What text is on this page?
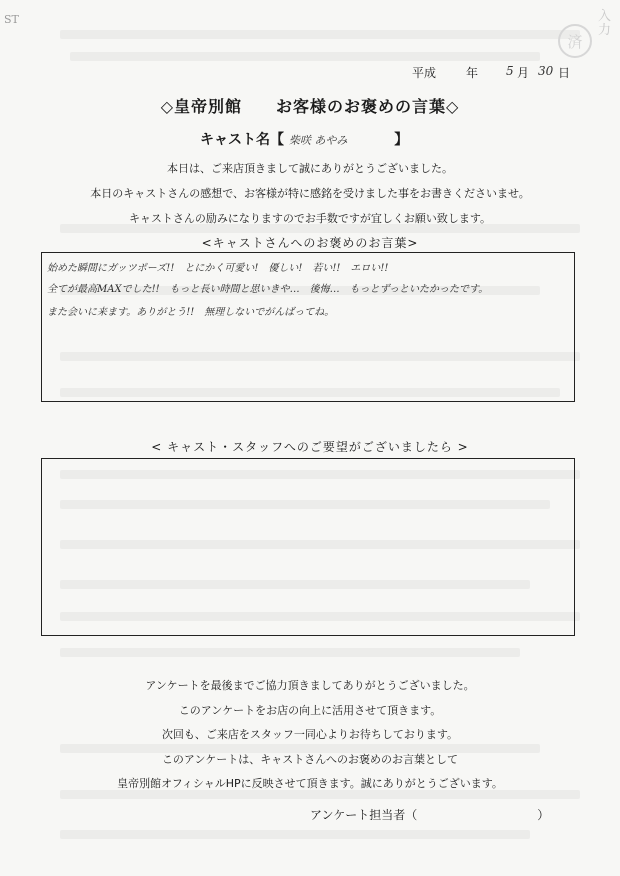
ST	入
力
済
平成 年 5 月 30 日
◇皇帝別館　　お客様のお褒めの言葉◇
キャスト名【 柴咲 あやみ	】
本日は、ご来店頂きまして誠にありがとうございました。
本日のキャストさんの感想で、お客様が特に感銘を受けました事をお書きくださいませ。
キャストさんの励みになりますのでお手数ですが宜しくお願い致します。
<キャストさんへのお褒めのお言葉>
始めた瞬間にガッツポーズ!!　とにかく可愛い!　優しい!　若い!!　エロい!!
全てが最高MAXでした!!　もっと長い時間と思いきや…　後悔…　もっとずっといたかったです。
また会いに来ます。ありがとう!!　無理しないでがんばってね。
< キャスト・スタッフへのご要望がございましたら >
アンケートを最後までご協力頂きましてありがとうございました。
このアンケートをお店の向上に活用させて頂きます。
次回も、ご来店をスタッフ一同心よりお待ちしております。
このアンケートは、キャストさんへのお褒めのお言葉として
皇帝別館オフィシャルHPに反映させて頂きます。誠にありがとうございます。
アンケート担当者（	）
